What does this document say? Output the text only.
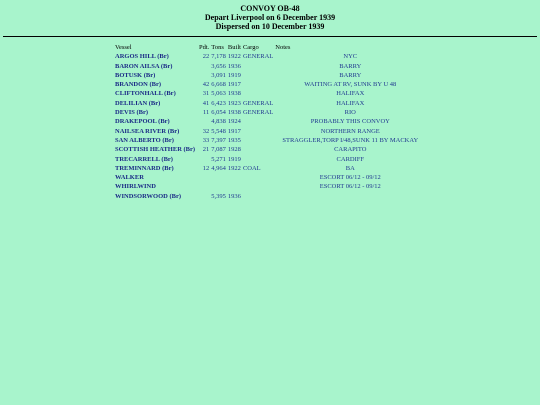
CONVOY OB-48
Depart Liverpool on 6 December 1939
Dispersed on 10 December 1939
Vessel	Pdt.	Tons	Built	Cargo	Notes
ARGOS HILL (Br)	22	7,178	1922	GENERAL	NYC
BARON AILSA (Br)		3,656	1936		BARRY
BOTUSK (Br)		3,091	1919		BARRY
BRANDON (Br)	42	6,668	1917		WAITING AT RV, SUNK BY U 48
CLIFTONHALL (Br)	31	5,063	1938		HALIFAX
DELILIAN (Br)	41	6,423	1923	GENERAL	HALIFAX
DEVIS (Br)	11	6,054	1938	GENERAL	RIO
DRAKEPOOL (Br)		4,838	1924		PROBABLY THIS CONVOY
NAILSEA RIVER (Br)	32	5,548	1917		NORTHERN RANGE
SAN ALBERTO (Br)	33	7,397	1935		STRAGGLER,TORP I/48,SUNK 11 BY MACKAY
SCOTTISH HEATHER (Br)	21	7,087	1928		CARAPITO
TRECARRELL (Br)		5,271	1919		CARDIFF
TREMINNARD (Br)	12	4,964	1922	COAL	BA
WALKER					ESCORT 06/12 - 09/12
WHIRLWIND					ESCORT 06/12 - 09/12
WINDSORWOOD (Br)		5,395	1936		
